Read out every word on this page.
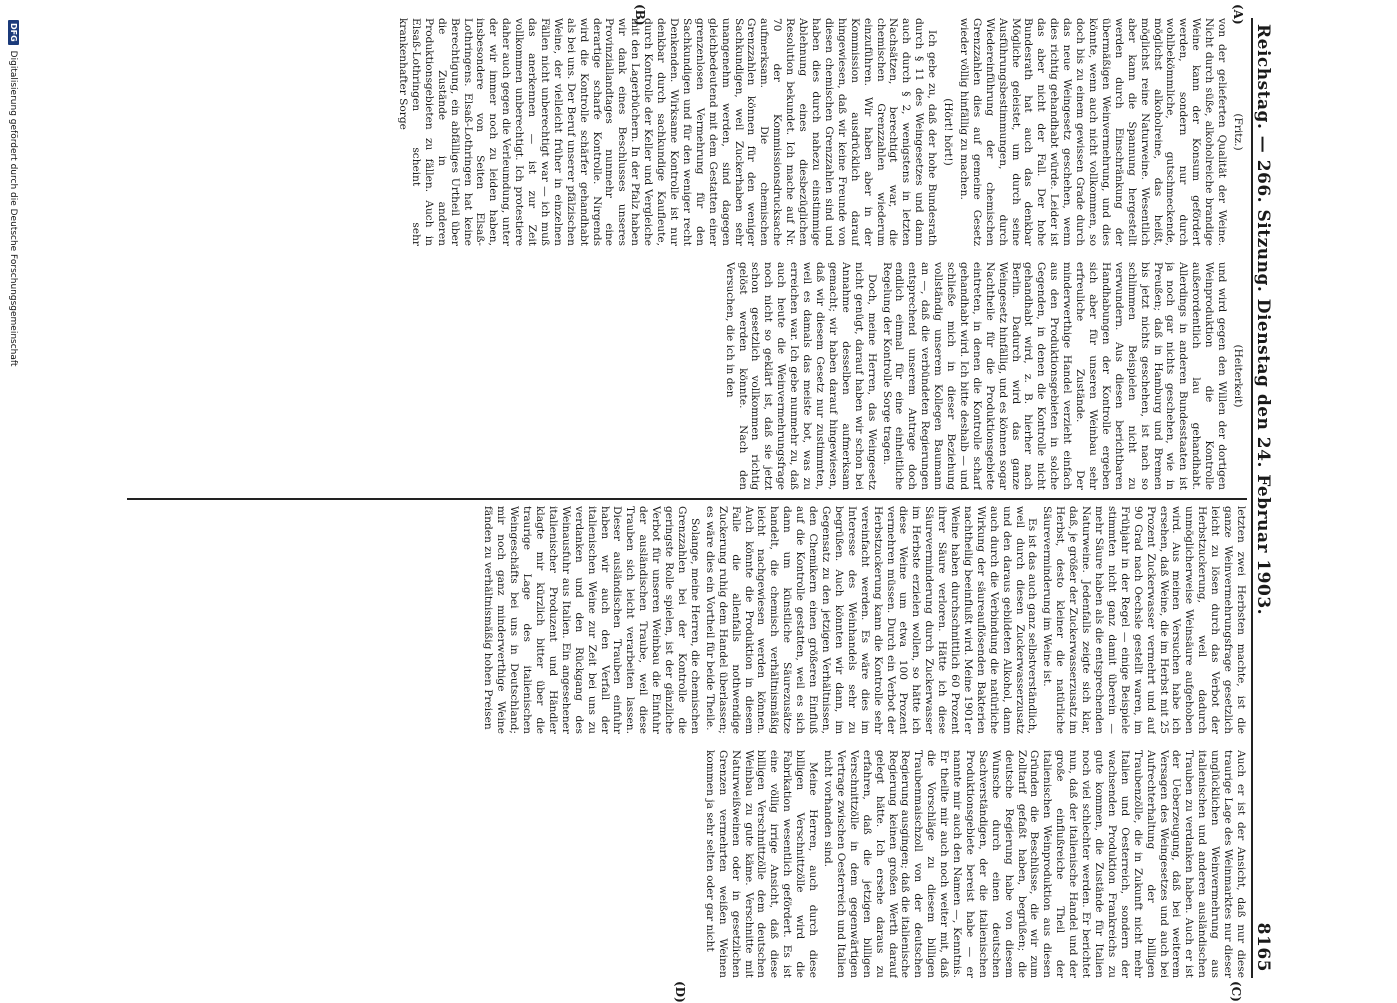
Reichstag. — 266. Sitzung. Dienstag den 24. Februar 1903.
8165
(A)
(B)
(C)
(D)

(Fritz.)

von der gelieferten Qualität der Weine. Nicht durch süße, alkoholreiche brandige Weine kann der Konsum gefördert werden, sondern nur durch wohlbekömmliche, gutschmeckende, möglichst alkoholreine, das heißt, möglichst reine Naturweine. Wesentlich aber kann die Spannung hergestellt werden durch Einschränkung der übermäßigen Weinvermehrung, und dies könnte, wenn auch nicht vollkommen, so doch bis zu einem gewissen Grade durch das neue Weingesetz geschehen, wenn dies richtig gehandhabt würde. Leider ist das aber nicht der Fall. Der hohe Bundesrath hat auch das denkbar Mögliche geleistet, um durch seine Ausführungsbestimmungen, durch Wiedereinführung der chemischen Grenzzahlen dies auf gemeine Gesetz wieder völlig hinfällig zu machen.

(Hört! hört!)

Ich gebe zu, daß der hohe Bundesrath durch § 11 des Weingesetzes und dann auch durch § 2, wenigstens in letzten Nachsätzen, berechtigt war, die chemischen Grenzzahlen wiederum einzuführen. Wir haben aber in der Kommission ausdrücklich darauf hingewiesen, daß wir keine Freunde von diesen chemischen Grenzzahlen sind und haben dies durch nahezu einstimmige Ablehnung eines diesbezüglichen Resolution bekundet. Ich mache auf Nr. 70 der Kommissionsdrucksache aufmerksam. Die chemischen Grenzzahlen können für den weniger Sachkundigen, weil Zuckerhaben sehr unangenehm werden, sind dagegen gleichbedeutend mit dem Gestatten einer grenzenlosen Vermehrung für den Sachkundigen und für den weniger recht Denkenden. Wirksame Kontrolle ist nur denkbar durch sachkundige Kaufleute, durch Kontrolle der Keller und Vergleiche mit den Lagerbüchern. In der Pfalz haben wir dank eines Beschlusses unseres Provinziallandtages nunmehr eine derartige scharfe Kontrolle. Nirgends wird die Kontrolle schärfer gehandhabt als bei uns. Der Beruf unserer pfälzischen Weine, der vielleicht früher in einzelnen Fällen nicht unberechtigt war — ich muß das anerkennen — ist zur Zeit vollkommen unberechtigt. Ich protestiere daher auch gegen die Verleumdung, unter der wir immer noch zu leiden haben, insbesondere von Seiten Elsaß-Lothringens. Elsaß-Lothringen hat keine Berechtigung, ein abfälliges Urtheil über die Zustände in anderen Produktionsgebieten zu fällen. Auch in Elsaß-Lothringen scheint sehr krankenhafter Sorge

(Heiterkeit)

und wird gegen den Willen der dortigen Weinproduktion die Kontrolle außerordentlich lau gehandhabt. Allerdings in anderen Bundesstaaten ist ja noch gar nichts geschehen, wie in Preußen; daß in Hamburg und Bremen bis jetzt nichts geschehen, ist nach so schlimmen Beispielen nicht zu verwundern. Aus diesen berichtbaren Handhabungen der Kontrolle ergeben sich aber für unseren Weinbau sehr erfreuliche Zustände. Der minderwerthige Handel verzieht einfach aus den Produktionsgebieten in solche Gegenden, in denen die Kontrolle nicht gehandhabt wird, z. B. hierher nach Berlin. Dadurch wird das ganze Weingesetz hinfällig, und es können sogar Nachtheile für die Produktionsgebiete eintreten, in denen die Kontrolle scharf gehandhabt wird. Ich bitte deshalb — und schließe mich in dieser Beziehung vollständig unserem Kollegen Baumann an —, daß die verbündeten Regierungen entsprechend unserem Antrage doch endlich einmal für eine einheitliche Regelung der Kontrolle Sorge tragen.

Doch, meine Herren, das Weingesetz nicht genügt, darauf haben wir schon bei Annahme desselben aufmerksam gemacht; wir haben darauf hingewiesen, daß wir diesem Gesetz nur zustimmten, weil es damals das meiste bot, was zu erreichen war. Ich gebe nunmehr zu, daß auch heute die Weinvermehrungsfrage noch nicht so geklärt ist, daß sie jetzt schon gesetzlich vollkommen richtig gelöst werden könnte. Nach den Versuchen, die ich in den

letzten zwei Herbsten machte, ist die ganze Weinvermehrungsfrage gesetzlich leicht zu lösen durch das Verbot der Herbstzuckerung, weil dadurch unmöglicherweise Weinsäure aufgehoben wird. Aus meinen Versuchen habe ich ersehen, daß Weine, die im Herbst mit 25 Prozent Zuckerwasser vermehrt und auf 90 Grad nach Oechsle gestellt waren, im Frühjahr in der Regel — einige Beispiele stimmten nicht ganz damit überein — mehr Säure haben als die entsprechenden Naturweine. Jedenfalls zeigte sich klar, daß, je größer der Zuckerwasserzusatz im Herbst, desto kleiner die natürliche Säureverminderung im Weine ist.

Es ist das auch ganz selbstverständlich, weil durch diesen Zuckerwasserzusatz und den daraus gebildeten Alkohol, dann auch durch die Verbindung die natürliche Wirkung der säureauflösenden Bakterien nachtheilig beeinflußt wird. Meine 1901er Weine haben durchschnittlich 60 Prozent ihrer Säure verloren. Hätte ich diese Säureverminderung durch Zuckerwasser im Herbste erzielen wollen, so hätte ich diese Weine um etwa 100 Prozent vermehren müssen. Durch ein Verbot der Herbstzuckerung kann die Kontrolle sehr vereinfacht werden. Es wäre dies im Interesse des Weinhandels sehr zu begrüßen. Auch könnten wir dann, im Gegensatz zu den jetzigen Verhältnissen, den Chemikern einen größeren Einfluß auf die Kontrolle gestatten, weil es sich dann um künstliche Säurezusätze handelt, die chemisch verhältnismäßig leicht nachgewiesen werden können. Auch könnte die Produktion in diesem Falle die allenfalls nothwendige Zuckerung ruhig dem Handel überlassen; es wäre dies ein Vortheil für beide Theile.

Solange, meine Herren, die chemischen Grenzzahlen bei der Kontrolle die geringste Rolle spielen, ist der gänzliche Verbot für unseren Weinbau die Einfuhr der ausländischen Traube, weil diese Trauben sich leicht verarbeiten lassen. Dieser ausländischen Trauben einfuhr haben wir auch den Verfall der italienischen Weine zur Zeit bei uns zu verdanken und den Rückgang des Weinausfuhr aus Italien. Ein angesehener italienischer Produzent und Händler klagte mir kürzlich bitter über die traurige Lage des italienischen Weingeschäfts bei uns in Deutschland; mir noch ganz minderwerthige Weine fänden zu verhältnismäßig hohen Preisen

Auch er ist der Ansicht, daß nur diese traurige Lage des Weinmarktes nur dieser unglücklichen Weinvermehrung aus italienischen und anderen ausländischen Trauben zu verdanken haben. Auch er ist der Ueberzeugung, daß bei weiterem Versagen des Weingesetzes und auch bei Aufrechterhaltung der billigen Traubenzölle, die in Zukunft nicht mehr Italien und Oesterreich, sondern der wachsenden Produktion Frankreichs zu gute kommen, die Zustände für Italien noch viel schlechter werden. Er berichtet nun, daß der italienische Handel und der große einflußreiche Theil der italienischen Weinproduktion aus diesen Gründen die Beschlüsse, die wir zum Zolltarif gefaßt haben, begrüßen; die deutsche Regierung habe von diesem Wunsche durch einen deutschen Sachverständigen, der die italienischen Produktionsgebiete bereist habe — er nannte mir auch den Namen —, Kenntnis. Er theilte mir auch noch weiter mit, daß die Vorschläge zu diesem billigen Traubenmaischzoll von der deutschen Regierung ausgingen; daß die italienische Regierung keinen großen Werth darauf gelegt hätte. Ich ersehe daraus zu erfahren, daß die jetzigen billigen Verschnittzölle in dem gegenwärtigen Vertrage zwischen Oesterreich und Italien nicht vorhanden sind.

Meine Herren, auch durch diese billigen Verschnittzölle wird die Fabrikation wesentlich gefördert. Es ist eine völlig irrige Ansicht, daß diese billigen Verschnittzölle dem deutschen Weinbau zu gute käme. Verschnitte mit Naturweißweinen oder in gesetzlichen Grenzen vermehrten weißen Weinen kommen ja sehr selten oder gar nicht

DFG
Digitalisierung gefördert durch die Deutsche Forschungsgemeinschaft
